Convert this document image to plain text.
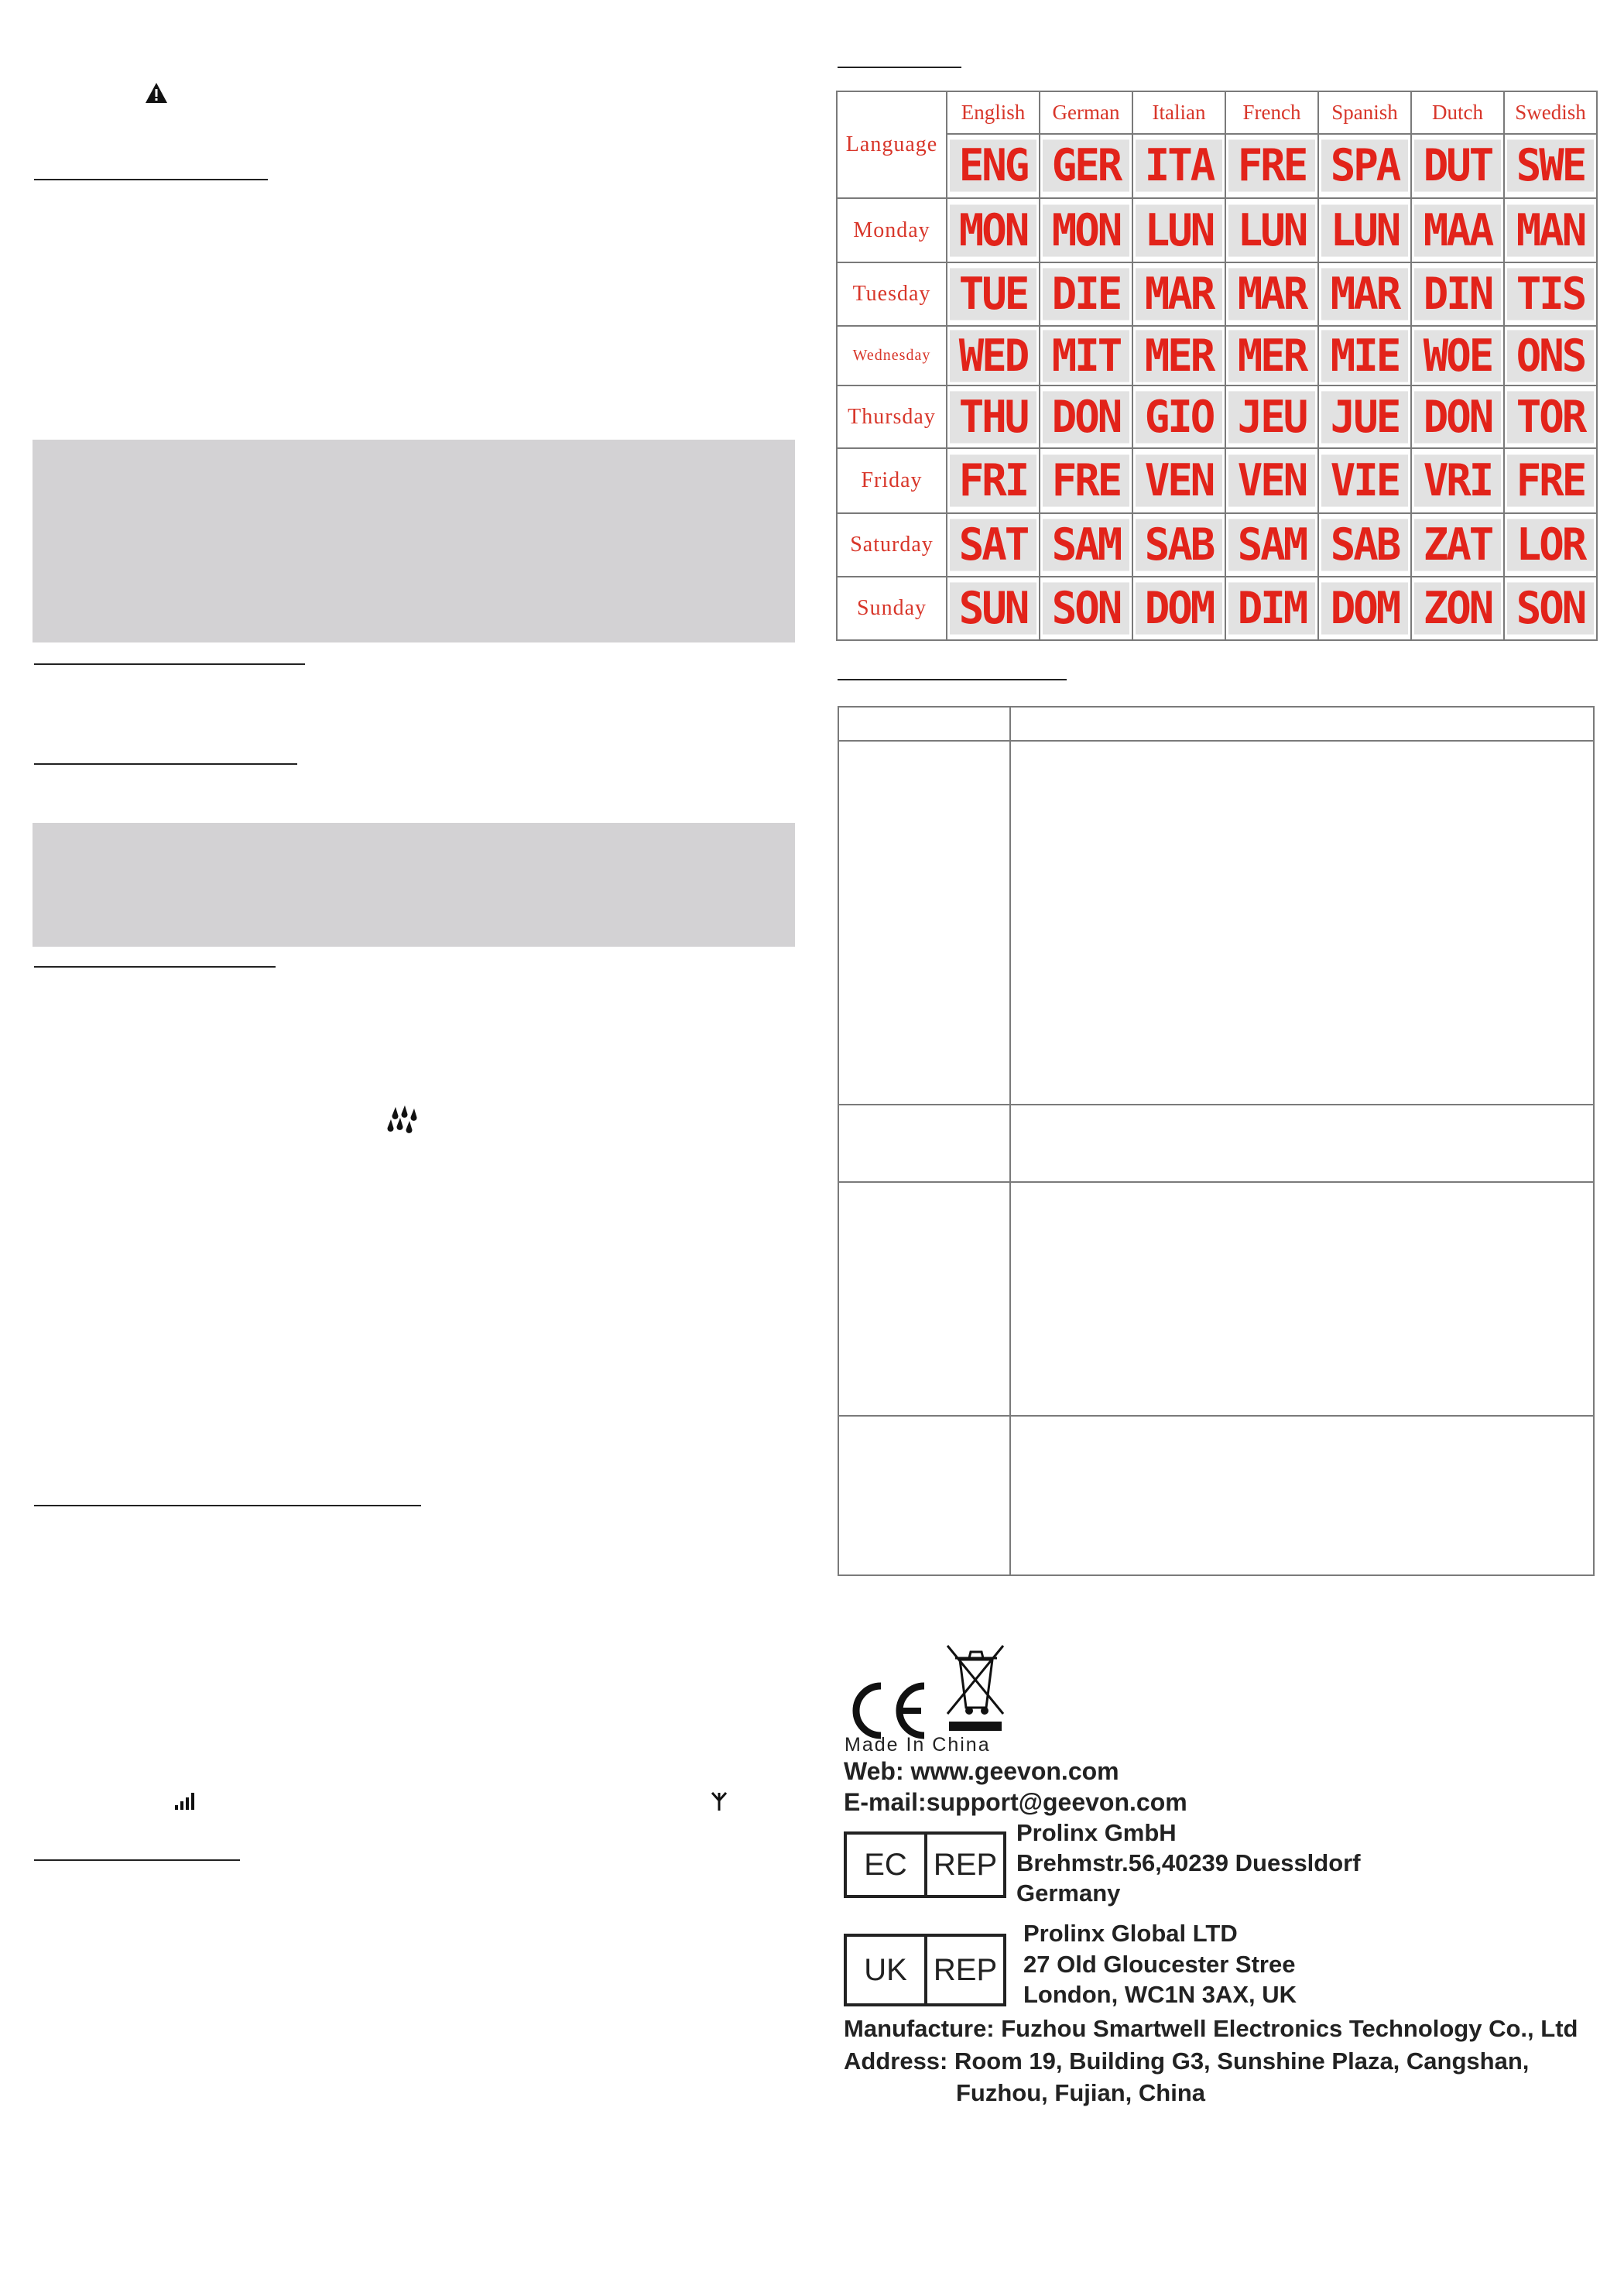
Language	English	German	Italian	French	Spanish	Dutch	Swedish
	ENG	GER	ITA	FRE	SPA	DUT	SWE
Monday	MON	MON	LUN	LUN	LUN	MAA	MAN
Tuesday	TUE	DIE	MAR	MAR	MAR	DIN	TIS
Wednesday	WED	MIT	MER	MER	MIE	WOE	ONS
Thursday	THU	DON	GIO	JEU	JUE	DON	TOR
Friday	FRI	FRE	VEN	VEN	VIE	VRI	FRE
Saturday	SAT	SAM	SAB	SAM	SAB	ZAT	LOR
Sunday	SUN	SON	DOM	DIM	DOM	ZON	SON

Made In China
Web: www.geevon.com
E-mail:support@geevon.com
EC REP
Prolinx GmbH
Brehmstr.56,40239 Duessldorf
Germany
UK REP
Prolinx Global LTD
27 Old Gloucester Stree
London, WC1N 3AX, UK
Manufacture: Fuzhou Smartwell Electronics Technology Co., Ltd
Address: Room 19, Building G3, Sunshine Plaza, Cangshan,
Fuzhou, Fujian, China
